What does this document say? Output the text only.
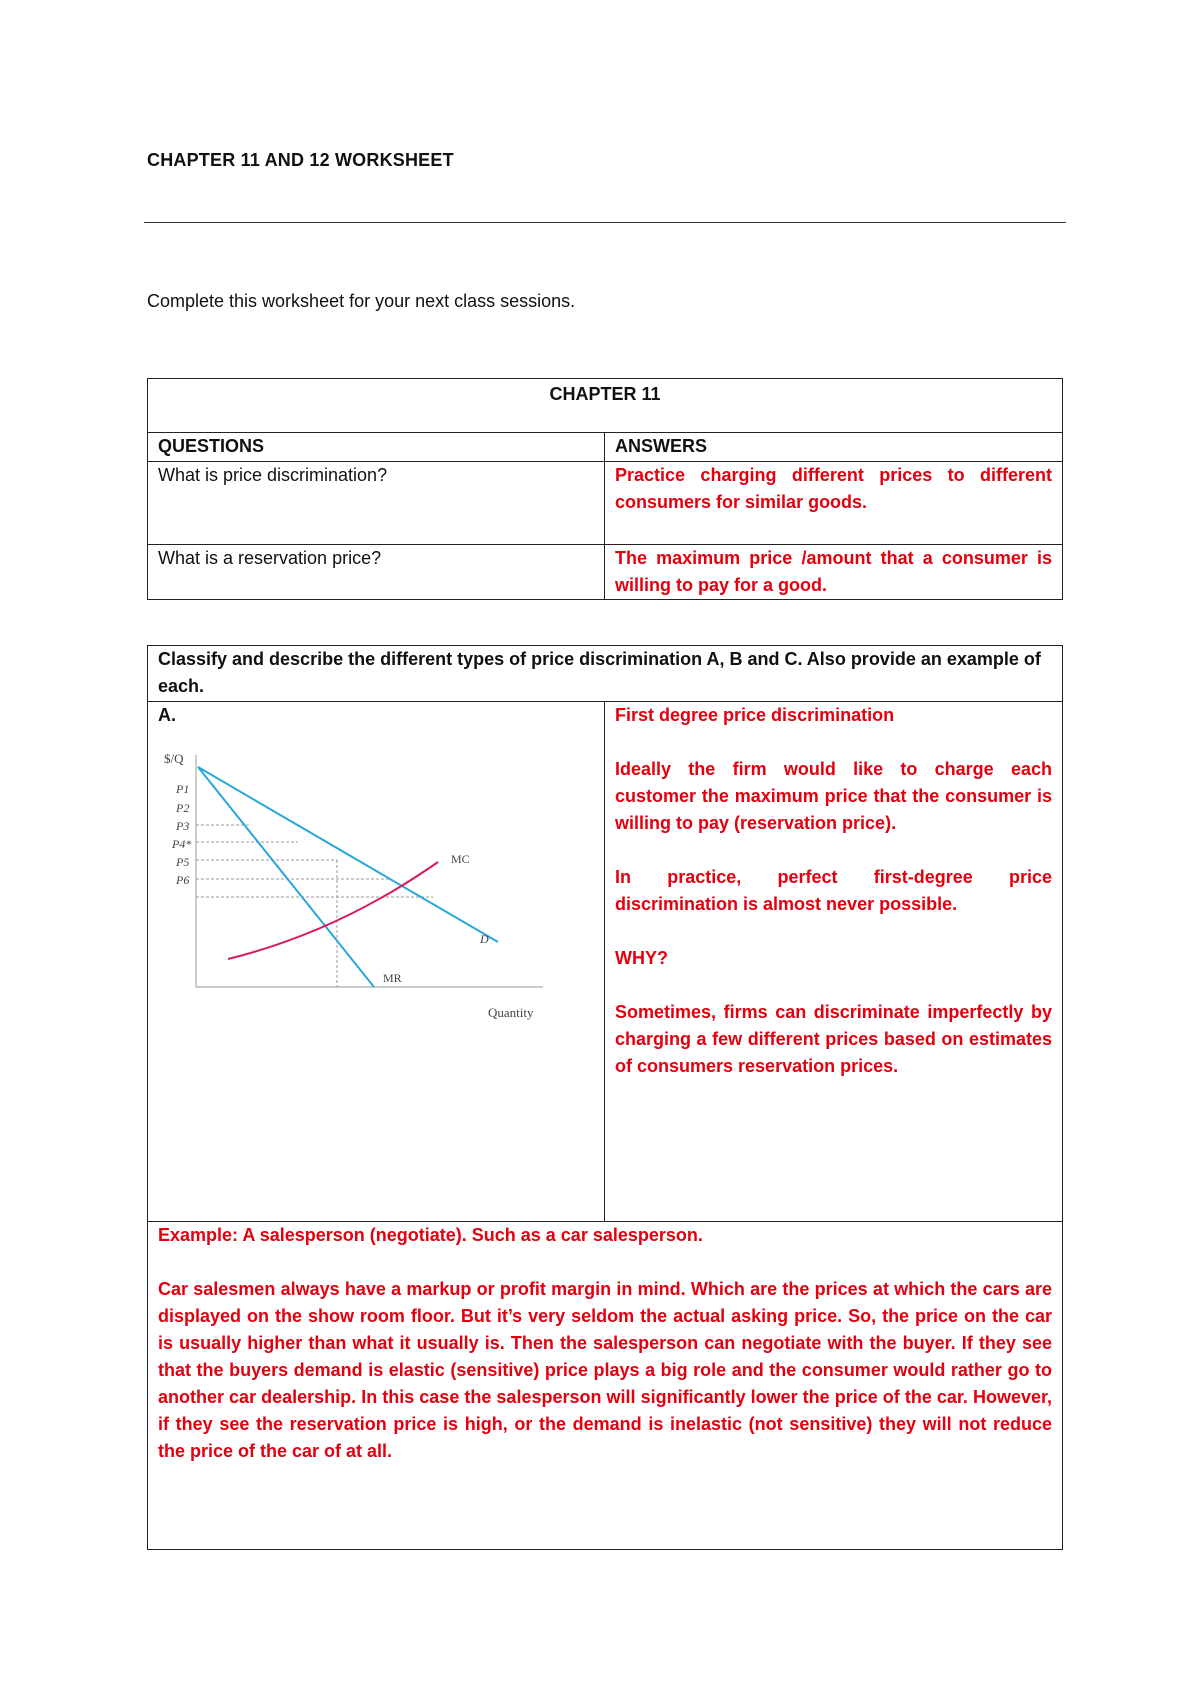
CHAPTER 11 AND 12 WORKSHEET
Complete this worksheet for your next class sessions.
CHAPTER 11	
QUESTIONS	ANSWERS
What is price discrimination?	Practice charging different prices to different consumers for similar goods.
What is a reservation price?	The maximum price /amount that a consumer is willing to pay for a good.
Classify and describe the different types of price discrimination A, B and C. Also provide an example of each.

A.
$/Q
Quantity
MC
D
MR
P1
P2
P3
P4*
P5
P6

First degree price discrimination

Ideally the firm would like to charge each customer the maximum price that the consumer is willing to pay (reservation price).

In practice, perfect first-degree price discrimination is almost never possible.

WHY?

Sometimes, firms can discriminate imperfectly by charging a few different prices based on estimates of consumers reservation prices.

Example: A salesperson (negotiate). Such as a car salesperson.

Car salesmen always have a markup or profit margin in mind. Which are the prices at which the cars are displayed on the show room floor. But it’s very seldom the actual asking price. So, the price on the car is usually higher than what it usually is. Then the salesperson can negotiate with the buyer. If they see that the buyers demand is elastic (sensitive) price plays a big role and the consumer would rather go to another car dealership. In this case the salesperson will significantly lower the price of the car. However, if they see the reservation price is high, or the demand is inelastic (not sensitive) they will not reduce the price of the car of at all.
